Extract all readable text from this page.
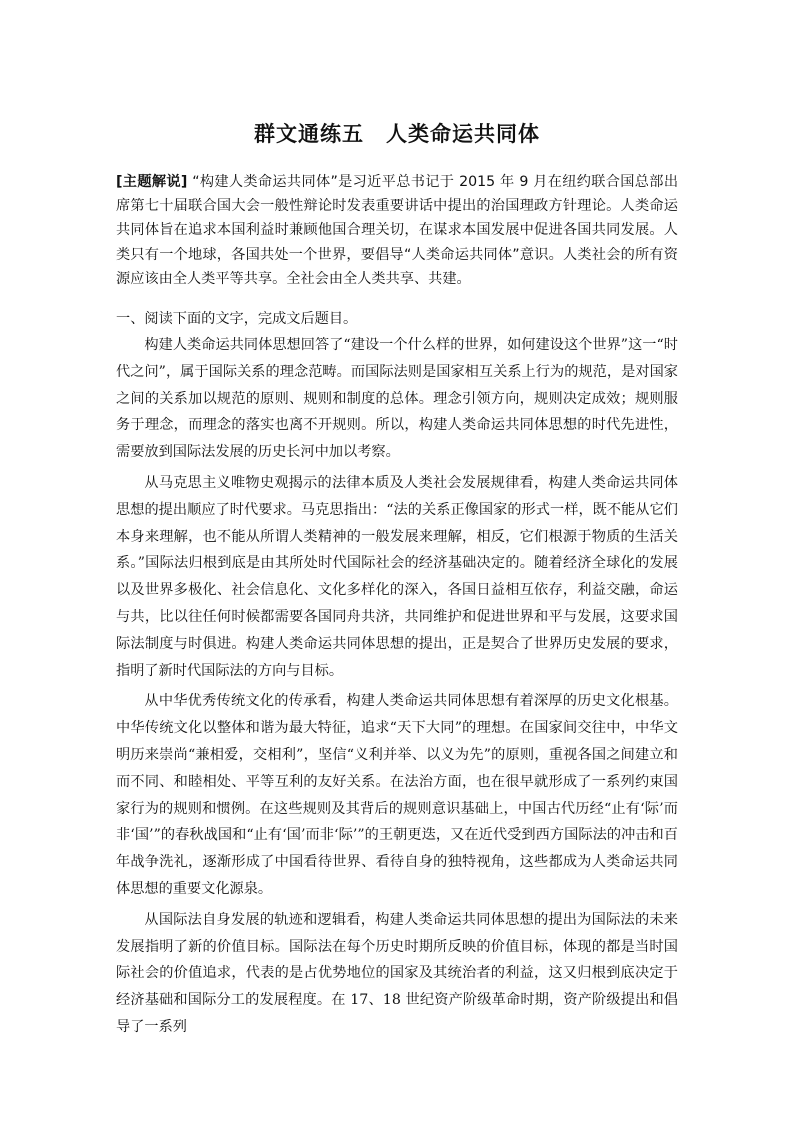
群文通练五　人类命运共同体
[主题解说] “构建人类命运共同体”是习近平总书记于 2015 年 9 月在纽约联合国总部出席第七十届联合国大会一般性辩论时发表重要讲话中提出的治国理政方针理论。人类命运共同体旨在追求本国利益时兼顾他国合理关切，在谋求本国发展中促进各国共同发展。人类只有一个地球，各国共处一个世界，要倡导“人类命运共同体”意识。人类社会的所有资源应该由全人类平等共享。全社会由全人类共享、共建。
一、阅读下面的文字，完成文后题目。

构建人类命运共同体思想回答了“建设一个什么样的世界，如何建设这个世界”这一“时代之问”，属于国际关系的理念范畴。而国际法则是国家相互关系上行为的规范，是对国家之间的关系加以规范的原则、规则和制度的总体。理念引领方向，规则决定成效；规则服务于理念，而理念的落实也离不开规则。所以，构建人类命运共同体思想的时代先进性，需要放到国际法发展的历史长河中加以考察。

从马克思主义唯物史观揭示的法律本质及人类社会发展规律看，构建人类命运共同体思想的提出顺应了时代要求。马克思指出：“法的关系正像国家的形式一样，既不能从它们本身来理解，也不能从所谓人类精神的一般发展来理解，相反，它们根源于物质的生活关系。”国际法归根到底是由其所处时代国际社会的经济基础决定的。随着经济全球化的发展以及世界多极化、社会信息化、文化多样化的深入，各国日益相互依存，利益交融，命运与共，比以往任何时候都需要各国同舟共济，共同维护和促进世界和平与发展，这要求国际法制度与时俱进。构建人类命运共同体思想的提出，正是契合了世界历史发展的要求，指明了新时代国际法的方向与目标。

从中华优秀传统文化的传承看，构建人类命运共同体思想有着深厚的历史文化根基。中华传统文化以整体和谐为最大特征，追求“天下大同”的理想。在国家间交往中，中华文明历来崇尚“兼相爱，交相利”，坚信“义利并举、以义为先”的原则，重视各国之间建立和而不同、和睦相处、平等互利的友好关系。在法治方面，也在很早就形成了一系列约束国家行为的规则和惯例。在这些规则及其背后的规则意识基础上，中国古代历经“止有‘际’而非‘国’”的春秋战国和“止有‘国’而非‘际’”的王朝更迭，又在近代受到西方国际法的冲击和百年战争洗礼，逐渐形成了中国看待世界、看待自身的独特视角，这些都成为人类命运共同体思想的重要文化源泉。

从国际法自身发展的轨迹和逻辑看，构建人类命运共同体思想的提出为国际法的未来发展指明了新的价值目标。国际法在每个历史时期所反映的价值目标，体现的都是当时国际社会的价值追求，代表的是占优势地位的国家及其统治者的利益，这又归根到底决定于经济基础和国际分工的发展程度。在 17、18 世纪资产阶级革命时期，资产阶级提出和倡导了一系列
